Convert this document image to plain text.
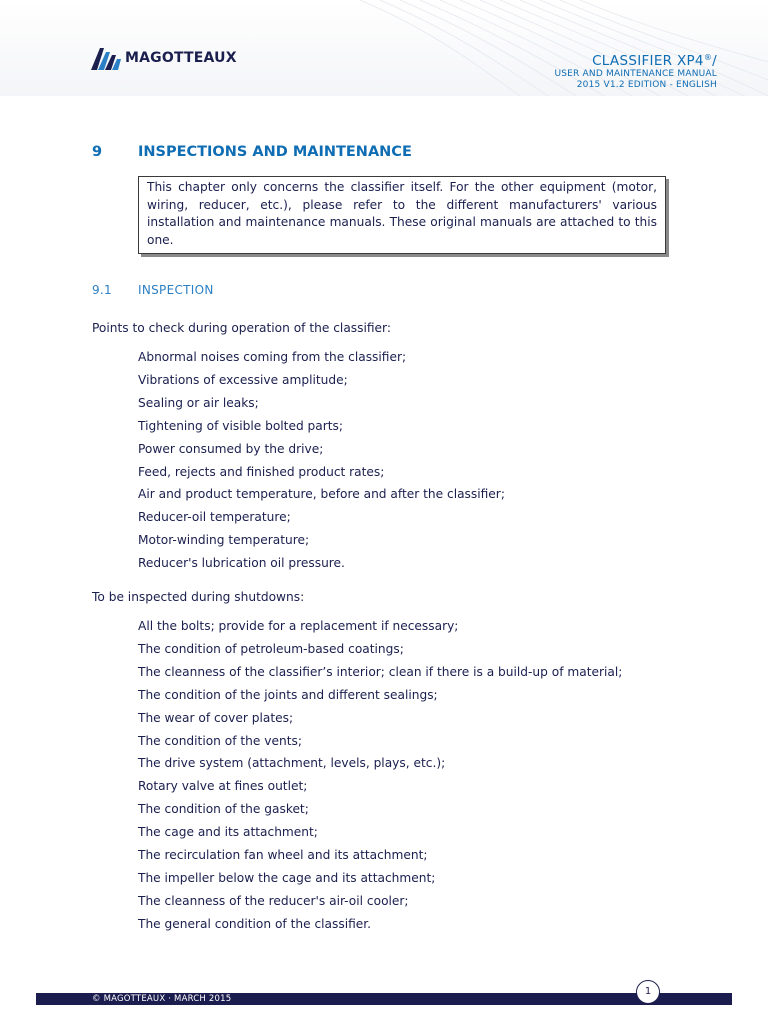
MAGOTTEAUX	CLASSIFIER XP4®/
USER AND MAINTENANCE MANUAL
2015 V1.2 EDITION - ENGLISH
9 INSPECTIONS AND MAINTENANCE
This chapter only concerns the classifier itself. For the other equipment (motor, wiring, reducer, etc.), please refer to the different manufacturers' various installation and maintenance manuals. These original manuals are attached to this one.
9.1 INSPECTION
Points to check during operation of the classifier:
Abnormal noises coming from the classifier;
Vibrations of excessive amplitude;
Sealing or air leaks;
Tightening of visible bolted parts;
Power consumed by the drive;
Feed, rejects and finished product rates;
Air and product temperature, before and after the classifier;
Reducer-oil temperature;
Motor-winding temperature;
Reducer's lubrication oil pressure.
To be inspected during shutdowns:
All the bolts; provide for a replacement if necessary;
The condition of petroleum-based coatings;
The cleanness of the classifier’s interior; clean if there is a build-up of material;
The condition of the joints and different sealings;
The wear of cover plates;
The condition of the vents;
The drive system (attachment, levels, plays, etc.);
Rotary valve at fines outlet;
The condition of the gasket;
The cage and its attachment;
The recirculation fan wheel and its attachment;
The impeller below the cage and its attachment;
The cleanness of the reducer's air-oil cooler;
The general condition of the classifier.
© MAGOTTEAUX · MARCH 2015
1
